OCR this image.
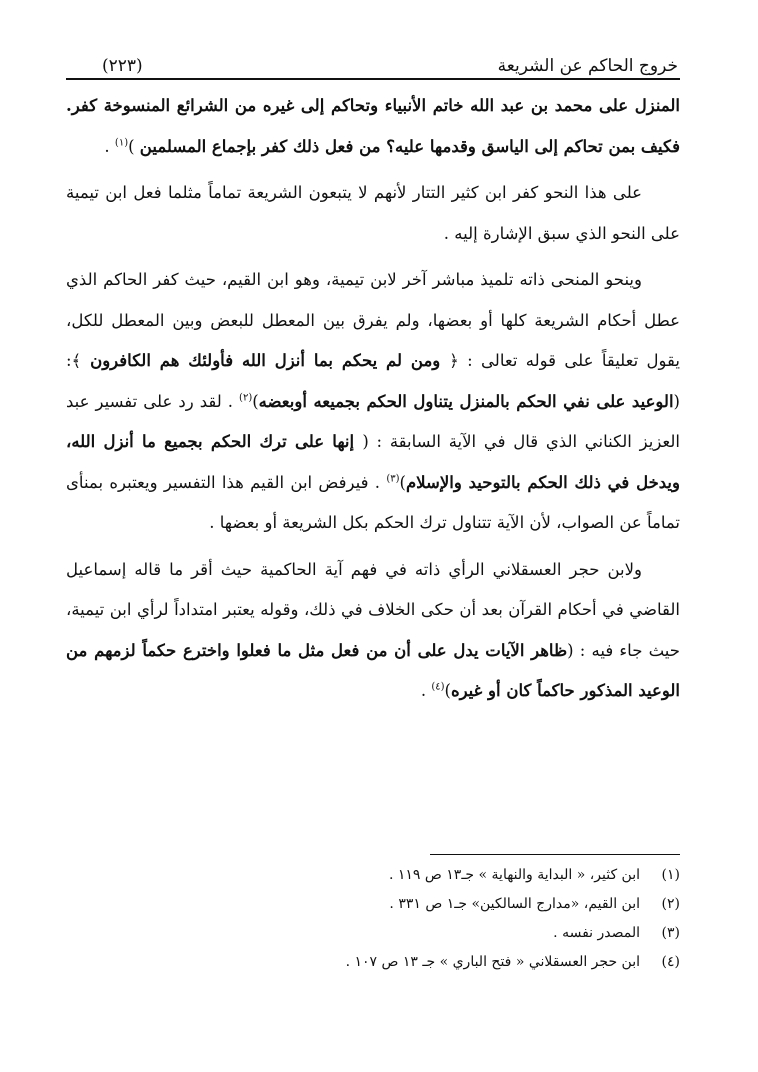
خروج الحاكم عن الشريعة
(٢٢٣)

المنزل على محمد بن عبد الله خاتم الأنبياء وتحاكم إلى غيره من الشرائع المنسوخة كفر. فكيف بمن تحاكم إلى الياسق وقدمها عليه؟ من فعل ذلك كفر بإجماع المسلمين )$^{(١)}$ .

على هذا النحو كفر ابن كثير التتار لأنهم لا يتبعون الشريعة تماماً مثلما فعل ابن تيمية على النحو الذي سبق الإشارة إليه .

وينحو المنحى ذاته تلميذ مباشر آخر لابن تيمية، وهو ابن القيم، حيث كفر الحاكم الذي عطل أحكام الشريعة كلها أو بعضها، ولم يفرق بين المعطل للبعض وبين المعطل للكل، يقول تعليقاً على قوله تعالى : ﴿ ومن لم يحكم بما أنزل الله فأولئك هم الكافرون ﴾: (الوعيد على نفي الحكم بالمنزل يتناول الحكم بجميعه أوبعضه)$^{(٢)}$ . لقد رد على تفسير عبد العزيز الكناني الذي قال في الآية السابقة : ( إنها على ترك الحكم بجميع ما أنزل الله، ويدخل في ذلك الحكم بالتوحيد والإسلام)$^{(٣)}$ . فيرفض ابن القيم هذا التفسير ويعتبره بمنأى تماماً عن الصواب، لأن الآية تتناول ترك الحكم بكل الشريعة أو بعضها .

ولابن حجر العسقلاني الرأي ذاته في فهم آية الحاكمية حيث أقر ما قاله إسماعيل القاضي في أحكام القرآن بعد أن حكى الخلاف في ذلك، وقوله يعتبر امتداداً لرأي ابن تيمية، حيث جاء فيه : (ظاهر الآيات يدل على أن من فعل مثل ما فعلوا واخترع حكماً لزمهم من الوعيد المذكور حاكماً كان أو غيره)$^{(٤)}$ .

(١)
ابن كثير، « البداية والنهاية » جـ١٣ ص ١١٩ .
(٢)
ابن القيم، «مدارج السالكين» جـ١ ص ٣٣١ .
(٣)
المصدر نفسه .
(٤)
ابن حجر العسقلاني « فتح الباري » جـ ١٣ ص ١٠٧ .
